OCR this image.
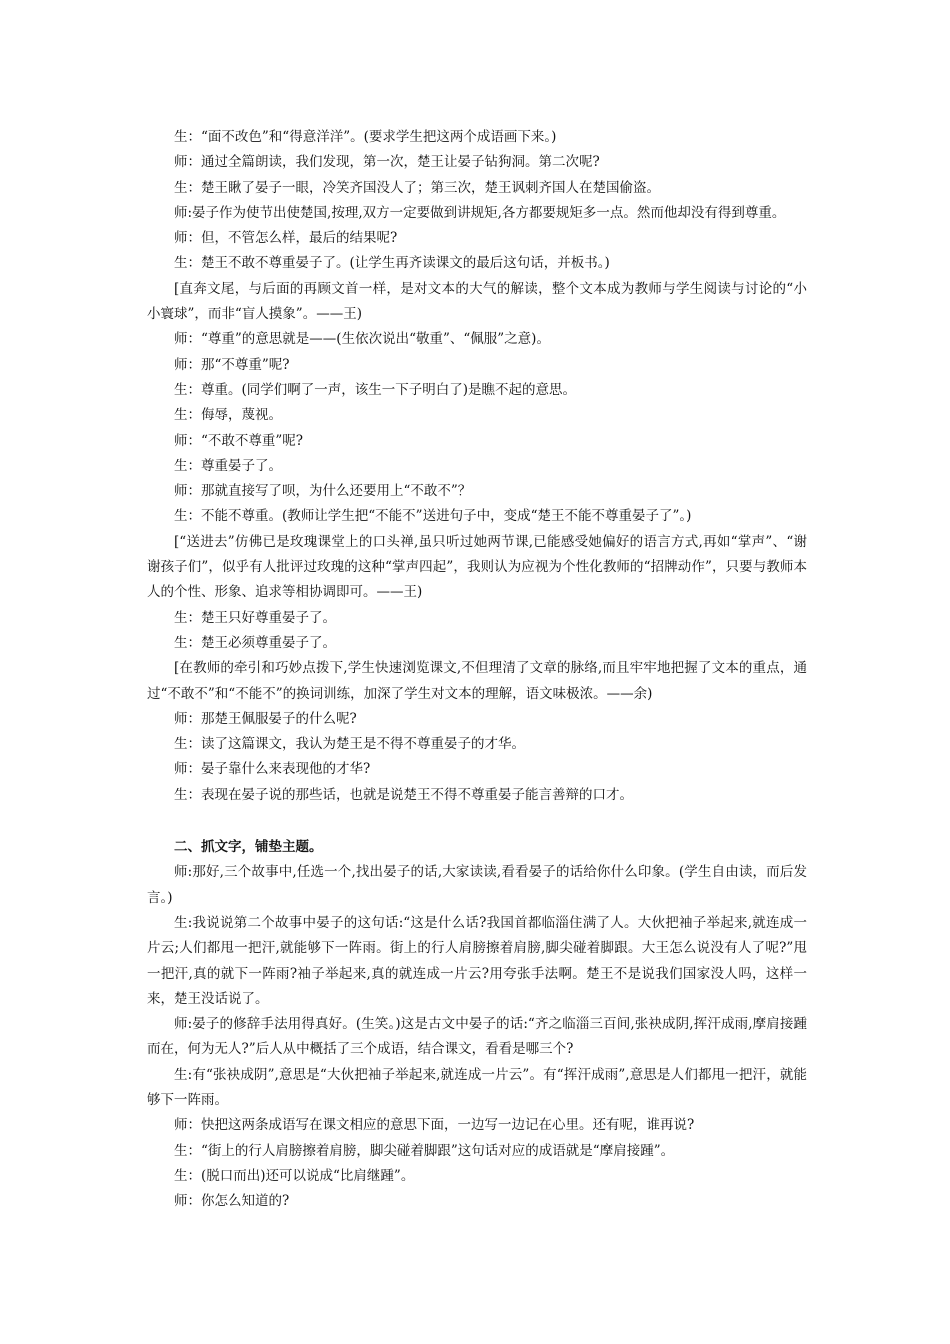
生：“面不改色”和“得意洋洋”。(要求学生把这两个成语画下来。)

师：通过全篇朗读，我们发现，第一次，楚王让晏子钻狗洞。第二次呢?

生：楚王瞅了晏子一眼，冷笑齐国没人了；第三次，楚王讽刺齐国人在楚国偷盗。

师:晏子作为使节出使楚国,按理,双方一定要做到讲规矩,各方都要规矩多一点。然而他却没有得到尊重。

师：但，不管怎么样，最后的结果呢?

生：楚王不敢不尊重晏子了。(让学生再齐读课文的最后这句话，并板书。)

[直奔文尾，与后面的再顾文首一样，是对文本的大气的解读，整个文本成为教师与学生阅读与讨论的“小小寰球”，而非“盲人摸象”。——王)

师：“尊重”的意思就是——(生依次说出“敬重”、“佩服”之意)。

师：那“不尊重”呢?

生：尊重。(同学们啊了一声，该生一下子明白了)是瞧不起的意思。

生：侮辱，蔑视。

师：“不敢不尊重”呢?

生：尊重晏子了。

师：那就直接写了呗，为什么还要用上“不敢不”？

生：不能不尊重。(教师让学生把“不能不”送进句子中，变成“楚王不能不尊重晏子了”。)

[“送进去”仿佛已是玫瑰课堂上的口头禅,虽只听过她两节课,已能感受她偏好的语言方式,再如“掌声”、“谢谢孩子们”，似乎有人批评过玫瑰的这种“掌声四起”，我则认为应视为个性化教师的“招牌动作”，只要与教师本人的个性、形象、追求等相协调即可。——王)

生：楚王只好尊重晏子了。

生：楚王必须尊重晏子了。

[在教师的牵引和巧妙点拨下,学生快速浏览课文,不但理清了文章的脉络,而且牢牢地把握了文本的重点，通过“不敢不”和“不能不”的换词训练，加深了学生对文本的理解，语文味极浓。——余)

师：那楚王佩服晏子的什么呢?

生：读了这篇课文，我认为楚王是不得不尊重晏子的才华。

师：晏子靠什么来表现他的才华?

生：表现在晏子说的那些话，也就是说楚王不得不尊重晏子能言善辩的口才。

二、抓文字，铺垫主题。

师:那好,三个故事中,任选一个,找出晏子的话,大家读读,看看晏子的话给你什么印象。(学生自由读，而后发言。)

生:我说说第二个故事中晏子的这句话:“这是什么话?我国首都临淄住满了人。大伙把袖子举起来,就连成一片云;人们都甩一把汗,就能够下一阵雨。街上的行人肩膀擦着肩膀,脚尖碰着脚跟。大王怎么说没有人了呢?”甩一把汗,真的就下一阵雨?袖子举起来,真的就连成一片云?用夸张手法啊。楚王不是说我们国家没人吗，这样一来，楚王没话说了。

师:晏子的修辞手法用得真好。(生笑。)这是古文中晏子的话:“齐之临淄三百间,张袂成阴,挥汗成雨,摩肩接踵而在，何为无人?”后人从中概括了三个成语，结合课文，看看是哪三个?

生:有“张袂成阴”,意思是“大伙把袖子举起来,就连成一片云”。有“挥汗成雨”,意思是人们都甩一把汗，就能够下一阵雨。

师：快把这两条成语写在课文相应的意思下面，一边写一边记在心里。还有呢，谁再说?

生：“街上的行人肩膀擦着肩膀，脚尖碰着脚跟”这句话对应的成语就是“摩肩接踵”。

生：(脱口而出)还可以说成“比肩继踵”。

师：你怎么知道的?
